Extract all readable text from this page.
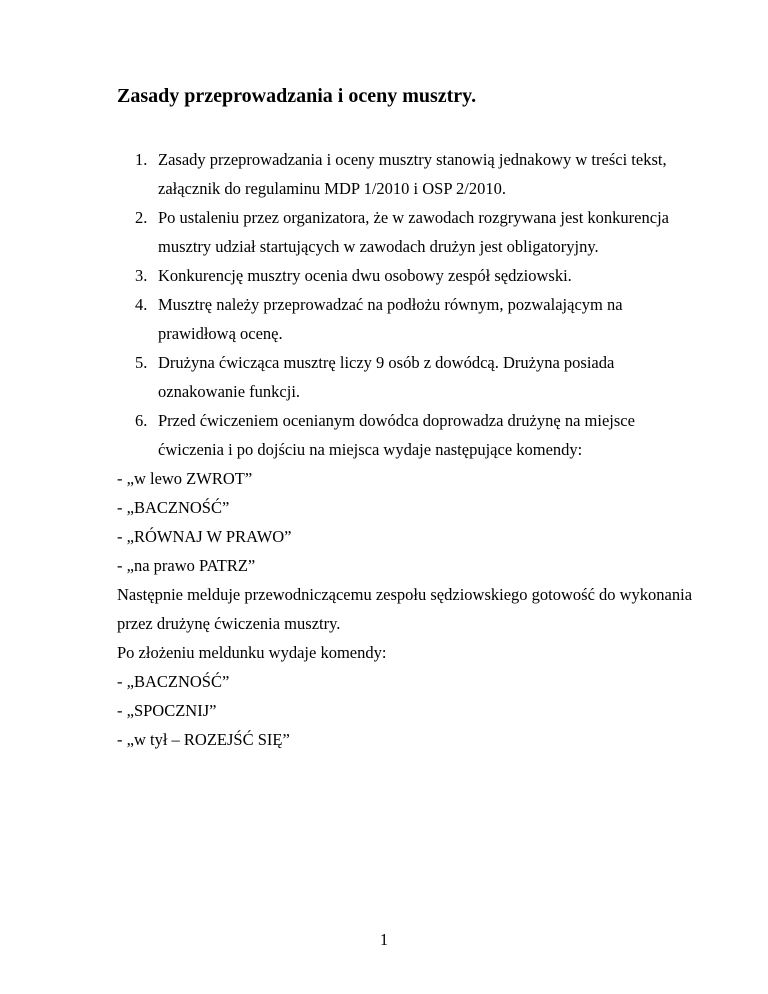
Zasady przeprowadzania i oceny musztry.
1. Zasady przeprowadzania i oceny musztry stanowią jednakowy w treści tekst, załącznik do regulaminu MDP 1/2010 i OSP 2/2010.
2. Po ustaleniu przez organizatora, że w zawodach rozgrywana jest konkurencja musztry udział startujących w zawodach drużyn jest obligatoryjny.
3. Konkurencję musztry ocenia dwu osobowy zespół sędziowski.
4. Musztrę należy przeprowadzać na podłożu równym, pozwalającym na prawidłową ocenę.
5. Drużyna ćwicząca musztrę liczy 9 osób z dowódcą. Drużyna posiada oznakowanie funkcji.
6. Przed ćwiczeniem ocenianym dowódca doprowadza drużynę na miejsce ćwiczenia i po dojściu na miejsca wydaje następujące komendy:
- „w lewo ZWROT”
- „BACZNOŚĆ”
- „RÓWNAJ W PRAWO”
- „na prawo PATRZ”
Następnie melduje przewodniczącemu zespołu sędziowskiego gotowość do wykonania przez drużynę ćwiczenia musztry.
Po złożeniu meldunku wydaje komendy:
- „BACZNOŚĆ”
- „SPOCZNIJ”
- „w tył – ROZEJŚĆ SIĘ”
1
